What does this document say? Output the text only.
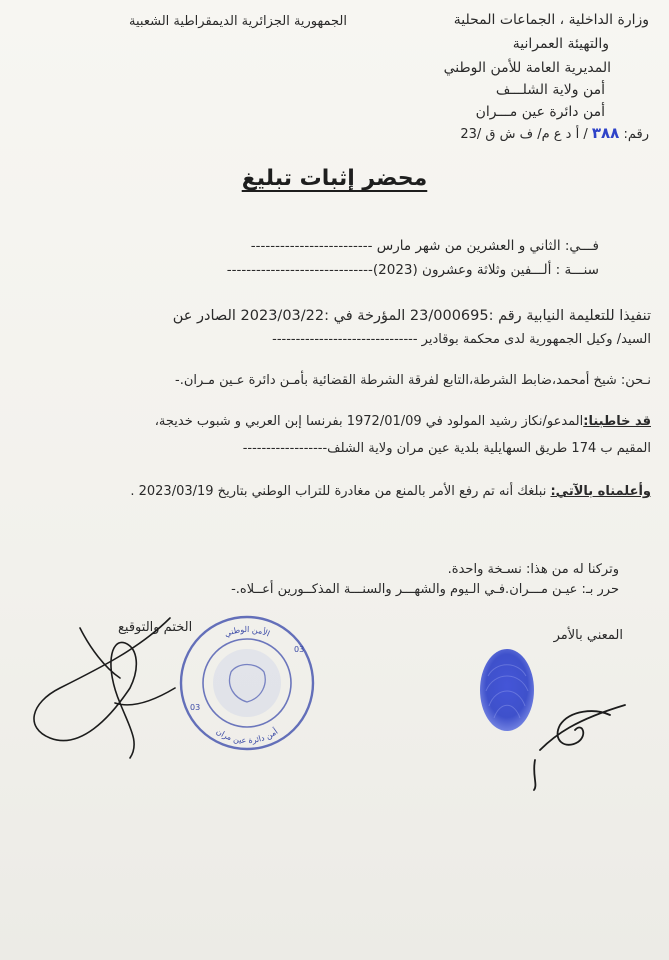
الجمهورية الجزائرية الديمقراطية الشعبية	وزارة الداخلية ، الجماعات المحلية
والتهيئة العمرانية
المديرية العامة للأمن الوطني
أمن ولاية الشلـــف
أمن دائرة عين مـــران
رقم: ٣٨٨ / أ د ع م/ ف ش ق /23
محضر إثبات تبليغ
فـــي: الثاني و العشرين من شهر مارس -------------------------
سنـــة : ألـــفين وثلاثة وعشرون (2023)------------------------------
تنفيذا للتعليمة النيابية رقم :23/000695 المؤرخة في :2023/03/22 الصادر عن
السيد/ وكيل الجمهورية لدى محكمة بوقادير -------------------------------
نـحن: شيخ أمحمد،ضابط الشرطة،التابع لفرقة الشرطة القضائية بأمـن دائرة عـين مـران.-
قد خاطبنا:المدعو/نكاز رشيد المولود في 1972/01/09 بفرنسا إبن العربي و شبوب خديجة،
المقيم ب 174 طريق السهايلية بلدية عين مران ولاية الشلف------------------
وأعلمناه بالآتي: نبلغك أنه تم رفع الأمر بالمنع من مغادرة للتراب الوطني بتاريخ 2023/03/19 .
وتركنا له من هذا: نسـخة واحدة.
حرر بـ: عيـن مـــران.فـي الـيوم والشهـــر والسنـــة المذكــورين أعــلاه.-
الختم والتوقيع
المعني بالأمر
الأمن الوطني
أمن دائرة عين مران
03
03
